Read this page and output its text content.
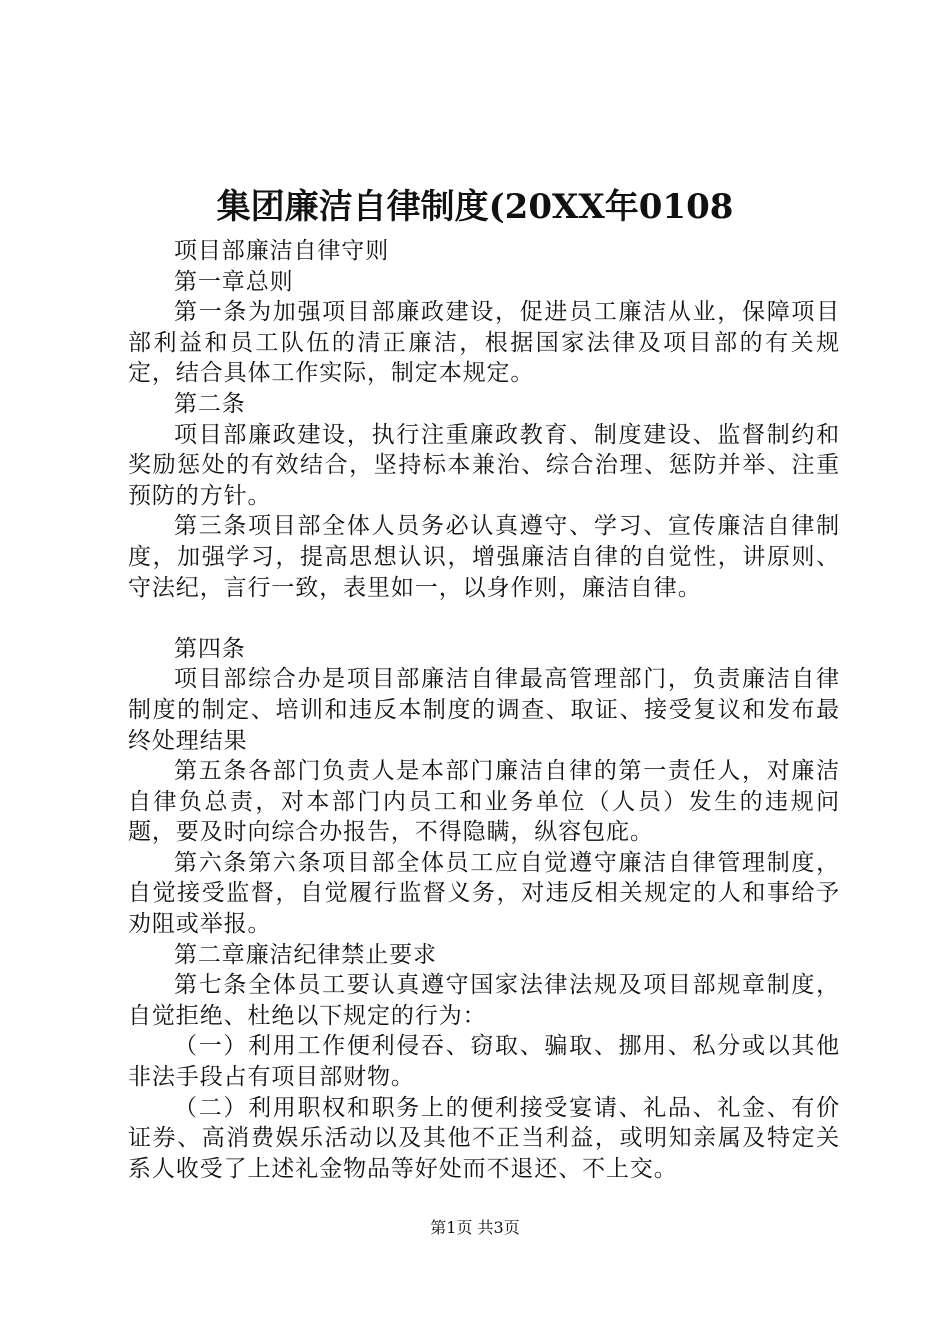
集团廉洁自律制度(20XX年0108

项目部廉洁自律守则

第一章总则

第一条为加强项目部廉政建设，促进员工廉洁从业，保障项目部利益和员工队伍的清正廉洁，根据国家法律及项目部的有关规定，结合具体工作实际，制定本规定。

第二条

项目部廉政建设，执行注重廉政教育、制度建设、监督制约和奖励惩处的有效结合，坚持标本兼治、综合治理、惩防并举、注重预防的方针。

第三条项目部全体人员务必认真遵守、学习、宣传廉洁自律制度，加强学习，提高思想认识，增强廉洁自律的自觉性，讲原则、守法纪，言行一致，表里如一，以身作则，廉洁自律。

第四条

项目部综合办是项目部廉洁自律最高管理部门，负责廉洁自律制度的制定、培训和违反本制度的调查、取证、接受复议和发布最终处理结果

第五条各部门负责人是本部门廉洁自律的第一责任人，对廉洁自律负总责，对本部门内员工和业务单位（人员）发生的违规问题，要及时向综合办报告，不得隐瞒，纵容包庇。

第六条第六条项目部全体员工应自觉遵守廉洁自律管理制度，自觉接受监督，自觉履行监督义务，对违反相关规定的人和事给予劝阻或举报。

第二章廉洁纪律禁止要求

第七条全体员工要认真遵守国家法律法规及项目部规章制度，自觉拒绝、杜绝以下规定的行为：

（一）利用工作便利侵吞、窃取、骗取、挪用、私分或以其他非法手段占有项目部财物。

（二）利用职权和职务上的便利接受宴请、礼品、礼金、有价证券、高消费娱乐活动以及其他不正当利益，或明知亲属及特定关系人收受了上述礼金物品等好处而不退还、不上交。

第1页 共3页
